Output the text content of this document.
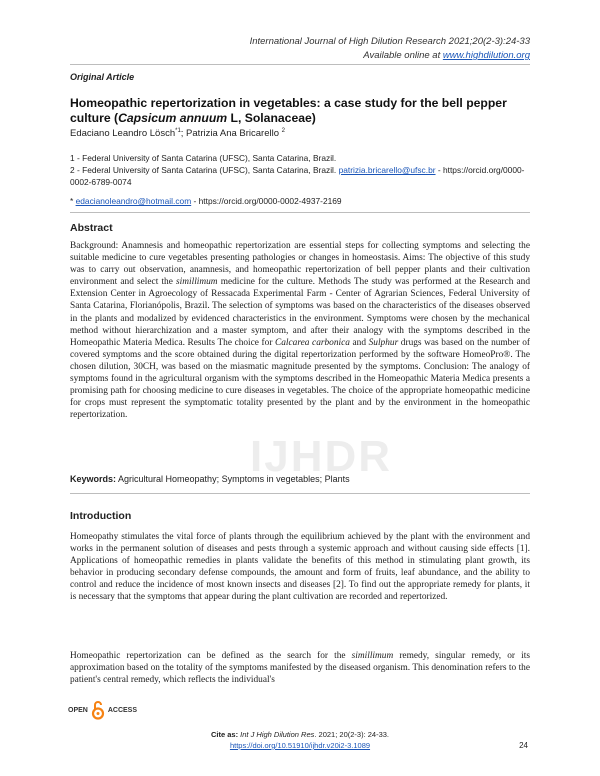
International Journal of High Dilution Research 2021;20(2-3):24-33
Available online at www.highdilution.org
Original Article
Homeopathic repertorization in vegetables: a case study for the bell pepper culture (Capsicum annuum L, Solanaceae)
Edaciano Leandro Lösch$^{*1}$; Patrizia Ana Bricarello $^2$
1 - Federal University of Santa Catarina (UFSC), Santa Catarina, Brazil.
2 - Federal University of Santa Catarina (UFSC), Santa Catarina, Brazil. patrizia.bricarello@ufsc.br - https://orcid.org/0000-0002-6789-0074
* edacianoleandro@hotmail.com - https://orcid.org/0000-0002-4937-2169
Abstract
IJHDR

Background: Anamnesis and homeopathic repertorization are essential steps for collecting symptoms and selecting the suitable medicine to cure vegetables presenting pathologies or changes in homeostasis. Aims: The objective of this study was to carry out observation, anamnesis, and homeopathic repertorization of bell pepper plants and their cultivation environment and select the simillimum medicine for the culture. Methods The study was performed at the Research and Extension Center in Agroecology of Ressacada Experimental Farm - Center of Agrarian Sciences, Federal University of Santa Catarina, Florianópolis, Brazil. The selection of symptoms was based on the characteristics of the diseases observed in the plants and modalized by evidenced characteristics in the environment. Symptoms were chosen by the mechanical method without hierarchization and a master symptom, and after their analogy with the symptoms described in the Homeopathic Materia Medica. Results The choice for Calcarea carbonica and Sulphur drugs was based on the number of covered symptoms and the score obtained during the digital repertorization performed by the software HomeoPro®. The chosen dilution, 30CH, was based on the miasmatic magnitude presented by the symptoms. Conclusion: The analogy of symptoms found in the agricultural organism with the symptoms described in the Homeopathic Materia Medica presents a promising path for choosing medicine to cure diseases in vegetables. The choice of the appropriate homeopathic medicine for crops must represent the symptomatic totality presented by the plant and by the environment in the homeopathic repertorization.

Keywords: Agricultural Homeopathy; Symptoms in vegetables; Plants
Introduction

Homeopathy stimulates the vital force of plants through the equilibrium achieved by the plant with the environment and works in the permanent solution of diseases and pests through a systemic approach and without causing side effects [1]. Applications of homeopathic remedies in plants validate the benefits of this method in stimulating plant growth, its behavior in producing secondary defense compounds, the amount and form of fruits, leaf abundance, and the ability to control and reduce the incidence of most known insects and diseases [2]. To find out the appropriate remedy for plants, it is necessary that the symptoms that appear during the plant cultivation are recorded and repertorized.

Homeopathic repertorization can be defined as the search for the simillimum remedy, singular remedy, or its approximation based on the totality of the symptoms manifested by the diseased organism. This denomination refers to the patient's central remedy, which reflects the individual's

OPEN	ACCESS
Cite as: Int J High Dilution Res. 2021; 20(2-3): 24-33.
https://doi.org/10.51910/ijhdr.v20i2-3.1089	24
